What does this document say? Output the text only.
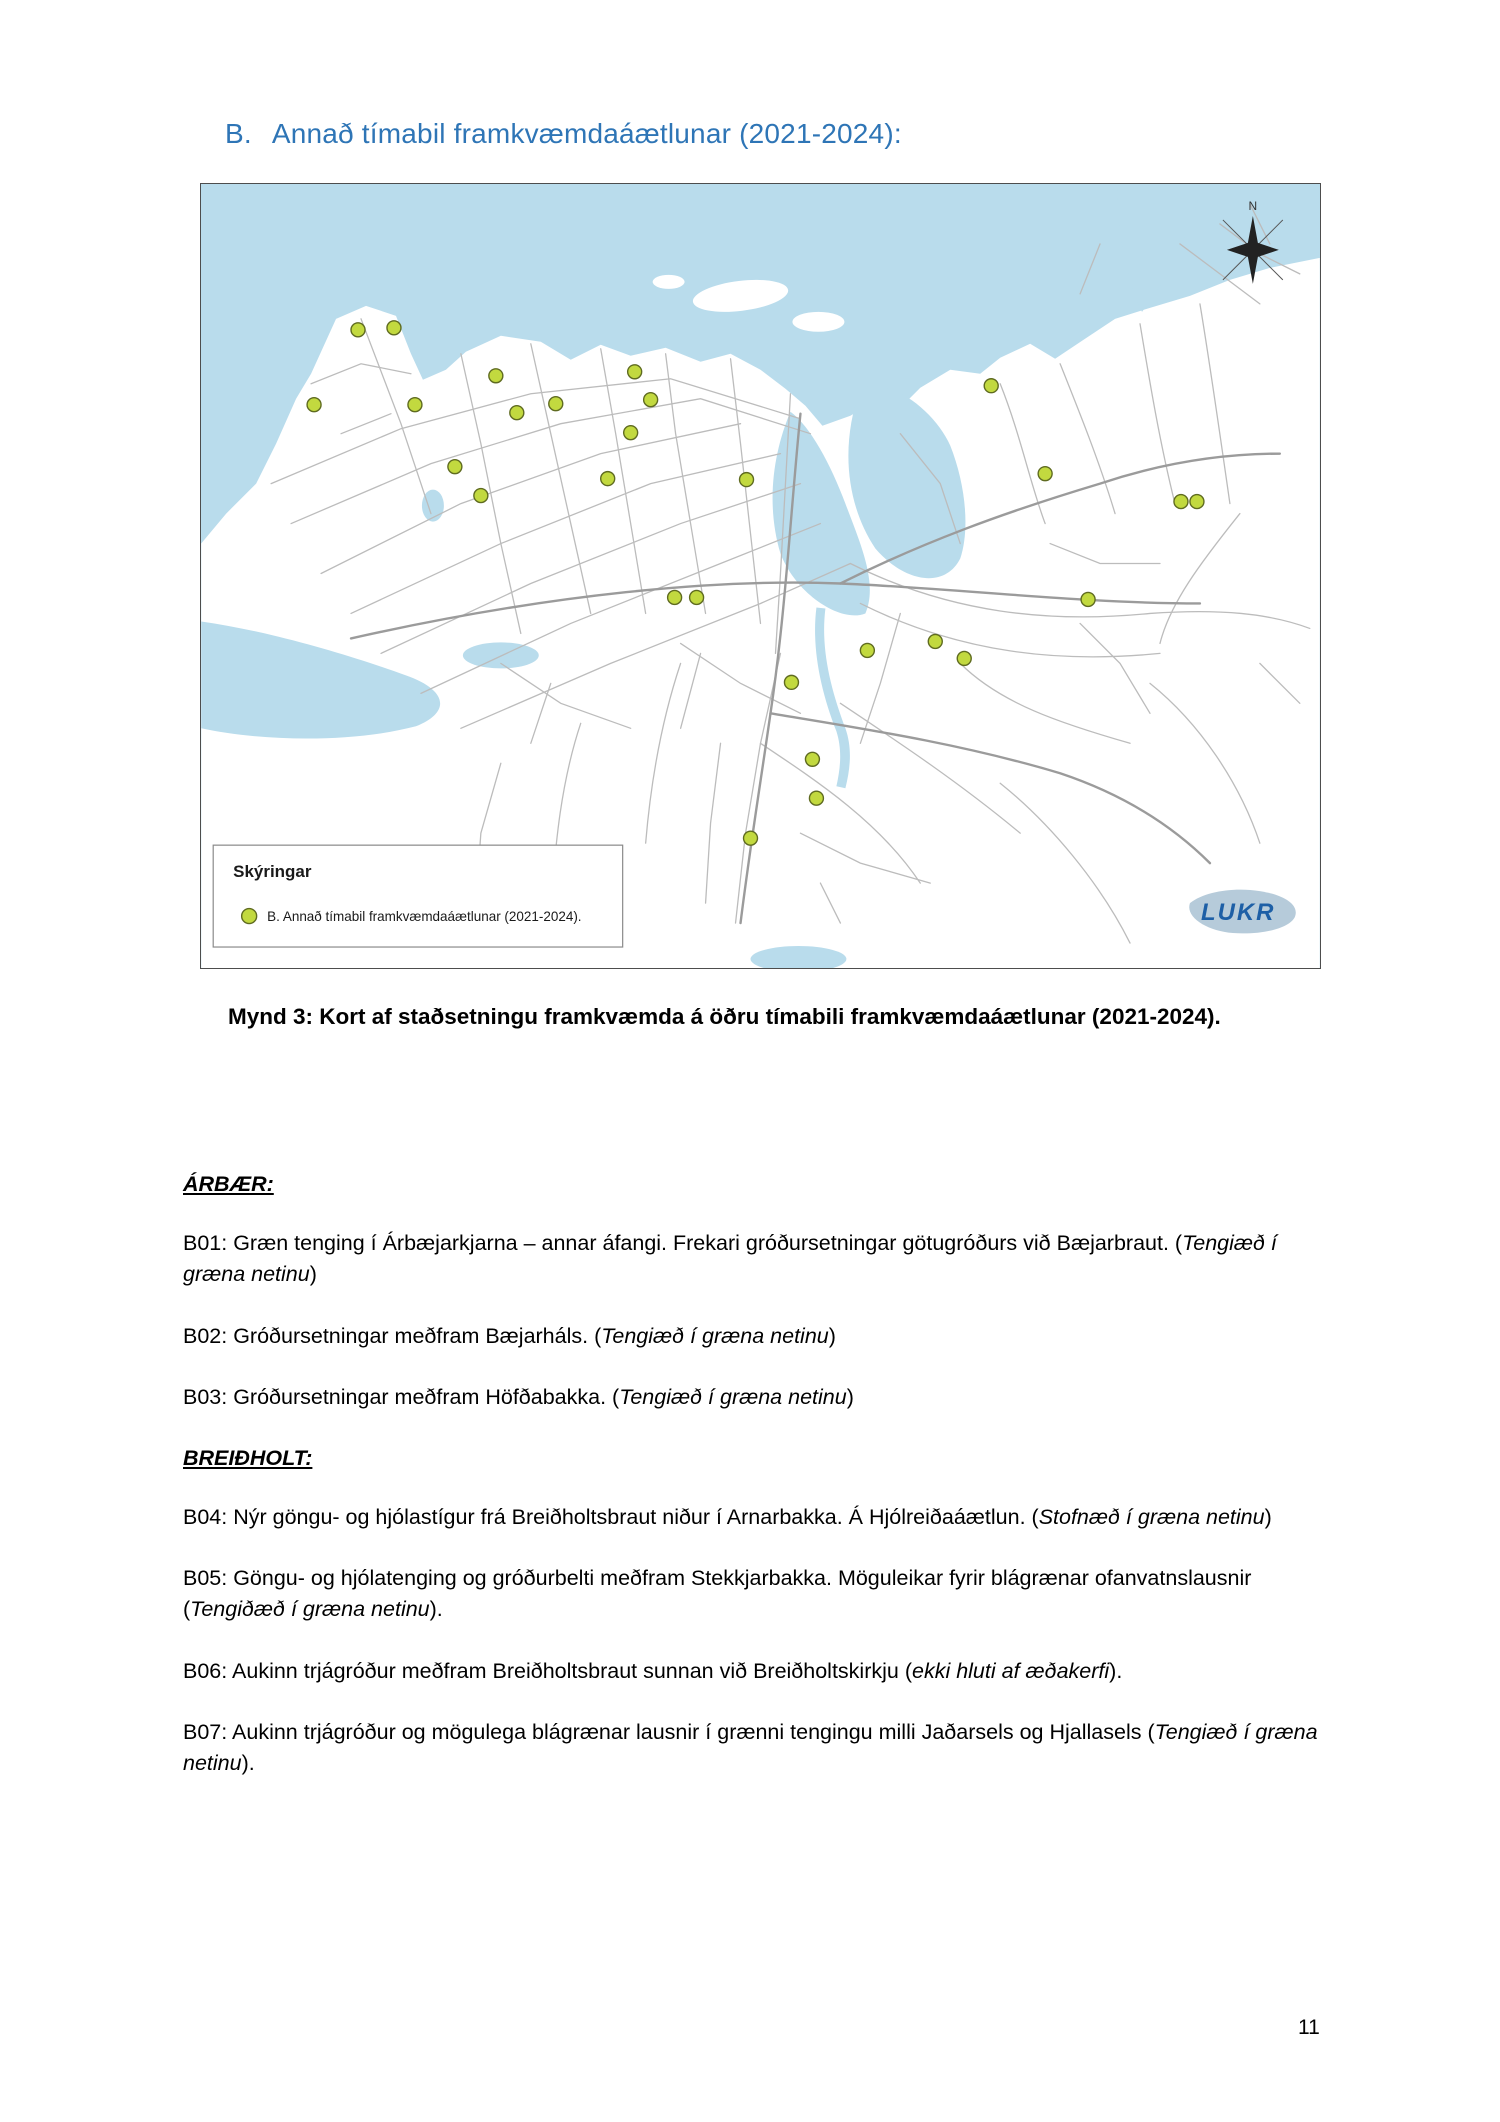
B. Annað tímabil framkvæmdaáætlunar (2021-2024):
N
LUKR
Skýringar
B. Annað tímabil framkvæmdaáætlunar (2021-2024).

Mynd 3: Kort af staðsetningu framkvæmda á öðru tímabili framkvæmdaáætlunar (2021-2024).

ÁRBÆR:

B01: Græn tenging í Árbæjarkjarna – annar áfangi. Frekari gróðursetningar götugróðurs við Bæjarbraut. (Tengiæð í græna netinu)

B02: Gróðursetningar meðfram Bæjarháls. (Tengiæð í græna netinu)

B03: Gróðursetningar meðfram Höfðabakka. (Tengiæð í græna netinu)

BREIÐHOLT:

B04: Nýr göngu- og hjólastígur frá Breiðholtsbraut niður í Arnarbakka. Á Hjólreiðaáætlun. (Stofnæð í græna netinu)

B05: Göngu- og hjólatenging og gróðurbelti meðfram Stekkjarbakka. Möguleikar fyrir blágrænar ofanvatnslausnir (Tengiðæð í græna netinu).

B06: Aukinn trjágróður meðfram Breiðholtsbraut sunnan við Breiðholtskirkju (ekki hluti af æðakerfi).

B07: Aukinn trjágróður og mögulega blágrænar lausnir í grænni tengingu milli Jaðarsels og Hjallasels (Tengiæð í græna netinu).

11
